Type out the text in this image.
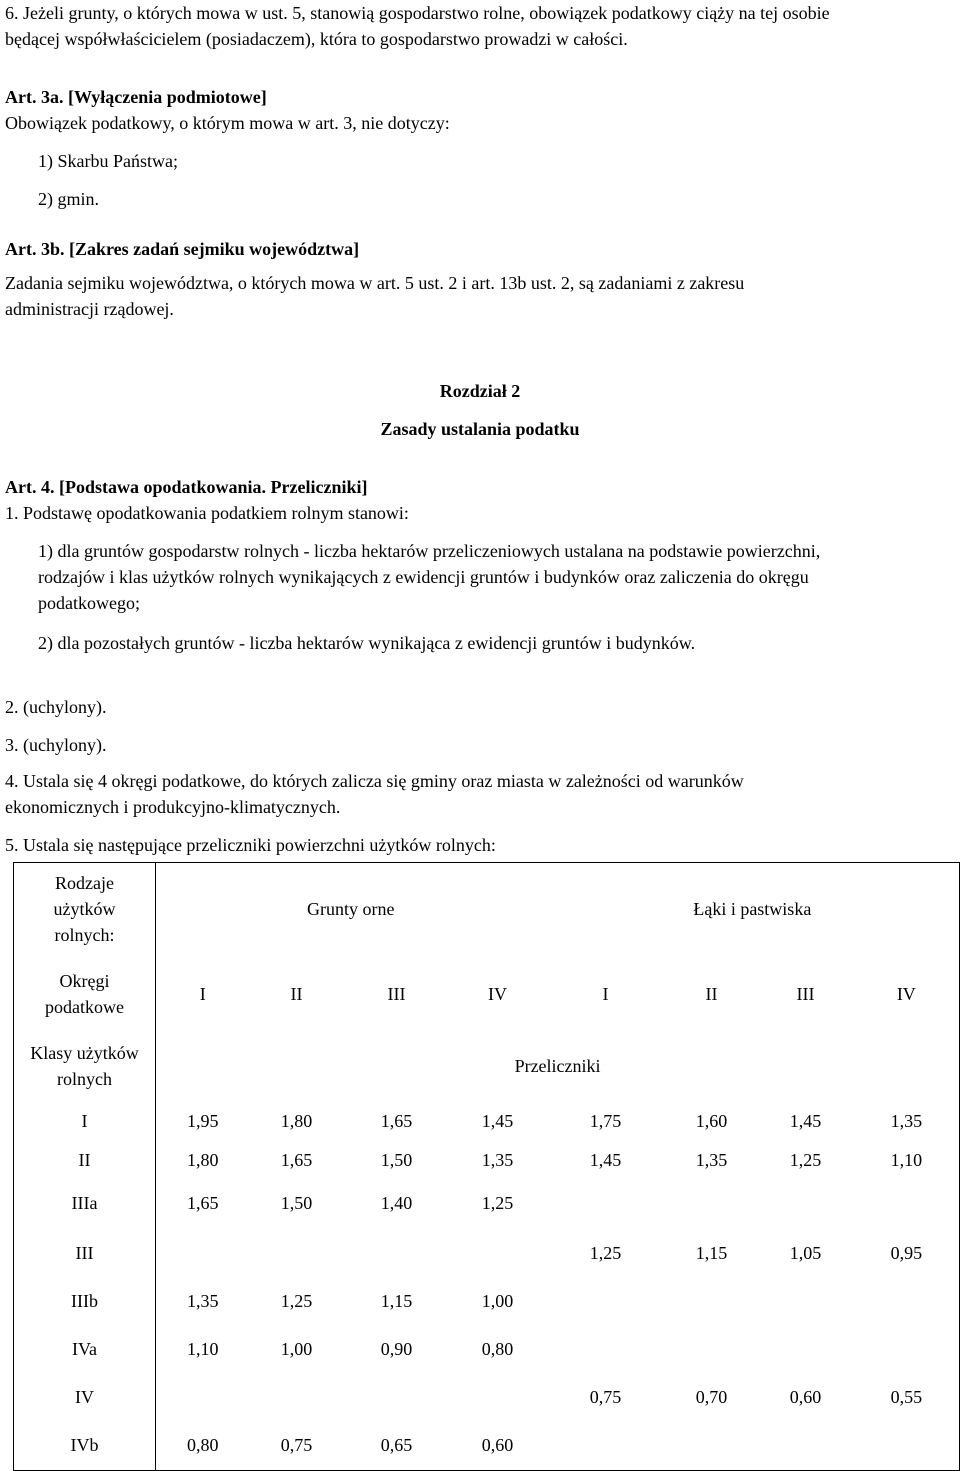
6. Jeżeli grunty, o których mowa w ust. 5, stanowią gospodarstwo rolne, obowiązek podatkowy ciąży na tej osobie
będącej współwłaścicielem (posiadaczem), która to gospodarstwo prowadzi w całości.
Art. 3a. [Wyłączenia podmiotowe]
Obowiązek podatkowy, o którym mowa w art. 3, nie dotyczy:
1) Skarbu Państwa;
2) gmin.
Art. 3b. [Zakres zadań sejmiku województwa]
Zadania sejmiku województwa, o których mowa w art. 5 ust. 2 i art. 13b ust. 2, są zadaniami z zakresu
administracji rządowej.
Rozdział 2
Zasady ustalania podatku
Art. 4. [Podstawa opodatkowania. Przeliczniki]
1. Podstawę opodatkowania podatkiem rolnym stanowi:
1) dla gruntów gospodarstw rolnych - liczba hektarów przeliczeniowych ustalana na podstawie powierzchni,
rodzajów i klas użytków rolnych wynikających z ewidencji gruntów i budynków oraz zaliczenia do okręgu
podatkowego;
2) dla pozostałych gruntów - liczba hektarów wynikająca z ewidencji gruntów i budynków.
2. (uchylony).
3. (uchylony).
4. Ustala się 4 okręgi podatkowe, do których zalicza się gminy oraz miasta w zależności od warunków
ekonomicznych i produkcyjno-klimatycznych.
5. Ustala się następujące przeliczniki powierzchni użytków rolnych:
Rodzaje
użytków
rolnych:	Grunty orne				Łąki i pastwiska			

Okręgi
podatkowe	I	II	III	IV	I	II	III	IV

Klasy użytków
rolnych	Przeliczniki							
I	1,95	1,80	1,65	1,45	1,75	1,60	1,45	1,35
II	1,80	1,65	1,50	1,35	1,45	1,35	1,25	1,10
IIIa	1,65	1,50	1,40	1,25				
III					1,25	1,15	1,05	0,95
IIIb	1,35	1,25	1,15	1,00				
IVa	1,10	1,00	0,90	0,80				
IV					0,75	0,70	0,60	0,55
IVb	0,80	0,75	0,65	0,60				
